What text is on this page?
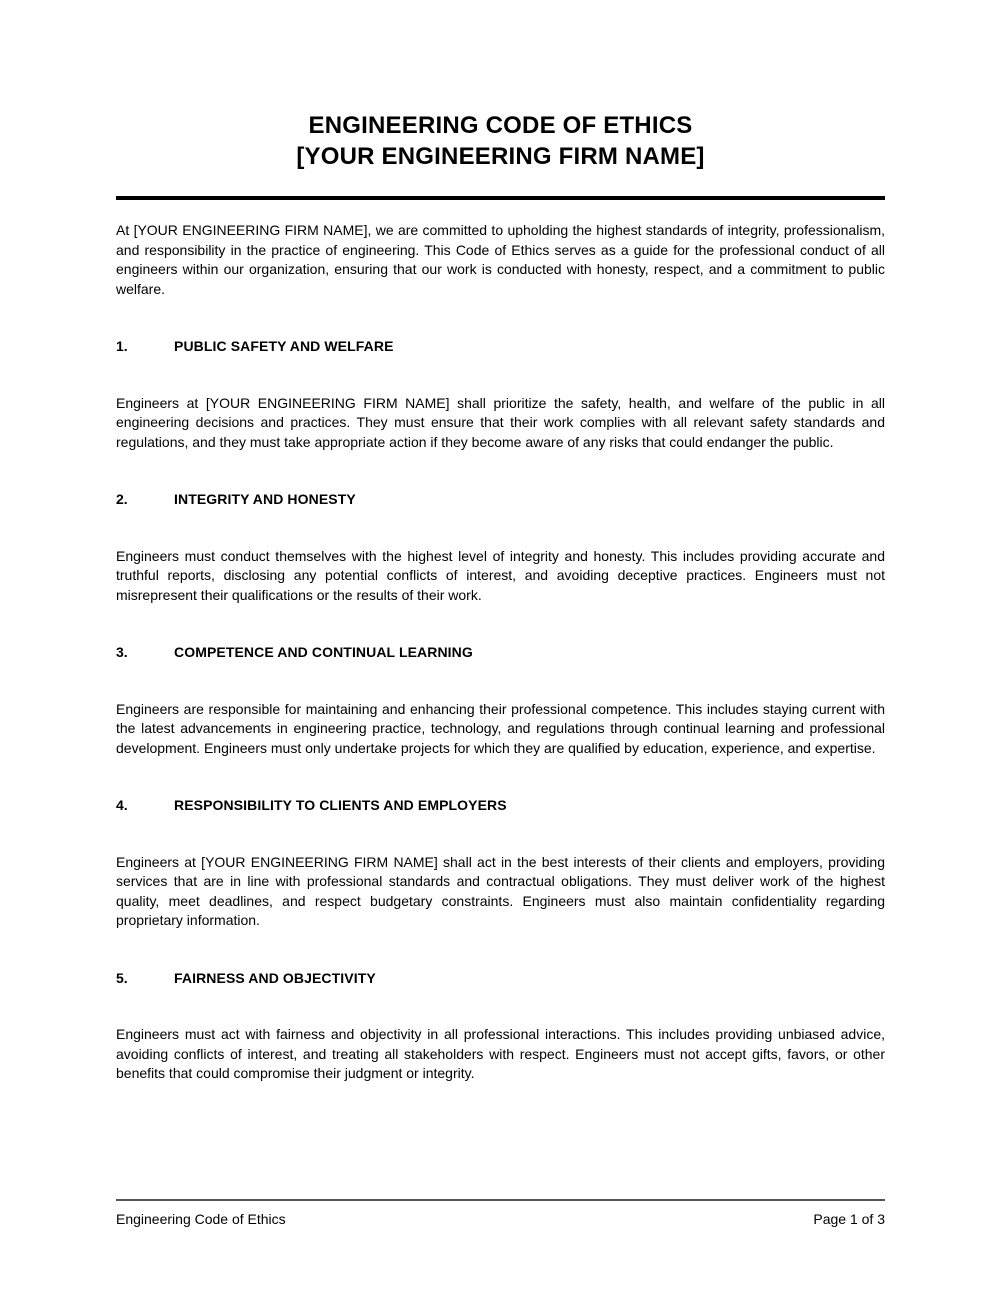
ENGINEERING CODE OF ETHICS
[YOUR ENGINEERING FIRM NAME]

At [YOUR ENGINEERING FIRM NAME], we are committed to upholding the highest standards of integrity, professionalism, and responsibility in the practice of engineering. This Code of Ethics serves as a guide for the professional conduct of all engineers within our organization, ensuring that our work is conducted with honesty, respect, and a commitment to public welfare.

1.	PUBLIC SAFETY AND WELFARE

Engineers at [YOUR ENGINEERING FIRM NAME] shall prioritize the safety, health, and welfare of the public in all engineering decisions and practices. They must ensure that their work complies with all relevant safety standards and regulations, and they must take appropriate action if they become aware of any risks that could endanger the public.

2.	INTEGRITY AND HONESTY

Engineers must conduct themselves with the highest level of integrity and honesty. This includes providing accurate and truthful reports, disclosing any potential conflicts of interest, and avoiding deceptive practices. Engineers must not misrepresent their qualifications or the results of their work.

3.	COMPETENCE AND CONTINUAL LEARNING

Engineers are responsible for maintaining and enhancing their professional competence. This includes staying current with the latest advancements in engineering practice, technology, and regulations through continual learning and professional development. Engineers must only undertake projects for which they are qualified by education, experience, and expertise.

4.	RESPONSIBILITY TO CLIENTS AND EMPLOYERS

Engineers at [YOUR ENGINEERING FIRM NAME] shall act in the best interests of their clients and employers, providing services that are in line with professional standards and contractual obligations. They must deliver work of the highest quality, meet deadlines, and respect budgetary constraints. Engineers must also maintain confidentiality regarding proprietary information.

5.	FAIRNESS AND OBJECTIVITY

Engineers must act with fairness and objectivity in all professional interactions. This includes providing unbiased advice, avoiding conflicts of interest, and treating all stakeholders with respect. Engineers must not accept gifts, favors, or other benefits that could compromise their judgment or integrity.

Engineering Code of Ethics	Page 1 of 3
